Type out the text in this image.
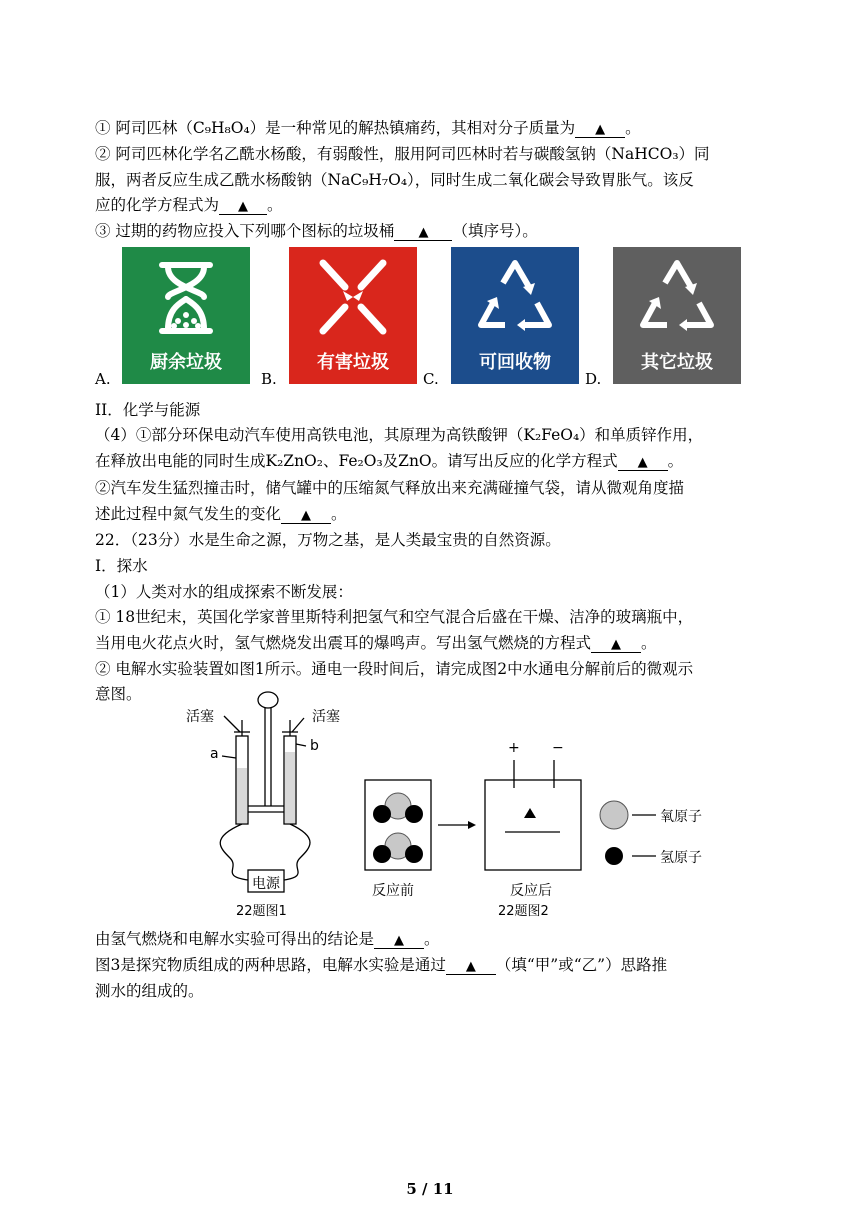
① 阿司匹林（C₉H₈O₄）是一种常见的解热镇痛药，其相对分子质量为 ▲ 。
② 阿司匹林化学名乙酰水杨酸，有弱酸性，服用阿司匹林时若与碳酸氢钠（NaHCO₃）同
服，两者反应生成乙酰水杨酸钠（NaC₉H₇O₄），同时生成二氧化碳会导致胃胀气。该反
应的化学方程式为 ▲ 。
③ 过期的药物应投入下列哪个图标的垃圾桶 ▲ （填序号）。
A.
厨余垃圾
B.
有害垃圾
C.
可回收物
D.
其它垃圾
II．化学与能源
（4）①部分环保电动汽车使用高铁电池，其原理为高铁酸钾（K₂FeO₄）和单质锌作用，
在释放出电能的同时生成K₂ZnO₂、Fe₂O₃及ZnO。请写出反应的化学方程式 ▲ 。
②汽车发生猛烈撞击时，储气罐中的压缩氮气释放出来充满碰撞气袋，请从微观角度描
述此过程中氮气发生的变化 ▲ 。
22．（23分）水是生命之源，万物之基，是人类最宝贵的自然资源。
I．探水
（1）人类对水的组成探索不断发展：
① 18世纪末，英国化学家普里斯特利把氢气和空气混合后盛在干燥、洁净的玻璃瓶中，
当用电火花点火时，氢气燃烧发出震耳的爆鸣声。写出氢气燃烧的方程式 ▲ 。
② 电解水实验装置如图1所示。通电一段时间后，请完成图2中水通电分解前后的微观示
意图。
活塞	活塞
a	b
电源
22题图1
+ −
反应前	反应后
氧原子
氢原子
22题图2
由氢气燃烧和电解水实验可得出的结论是 ▲ 。
图3是探究物质组成的两种思路，电解水实验是通过 ▲ （填“甲”或“乙”）思路推
测水的组成的。
5 / 11
